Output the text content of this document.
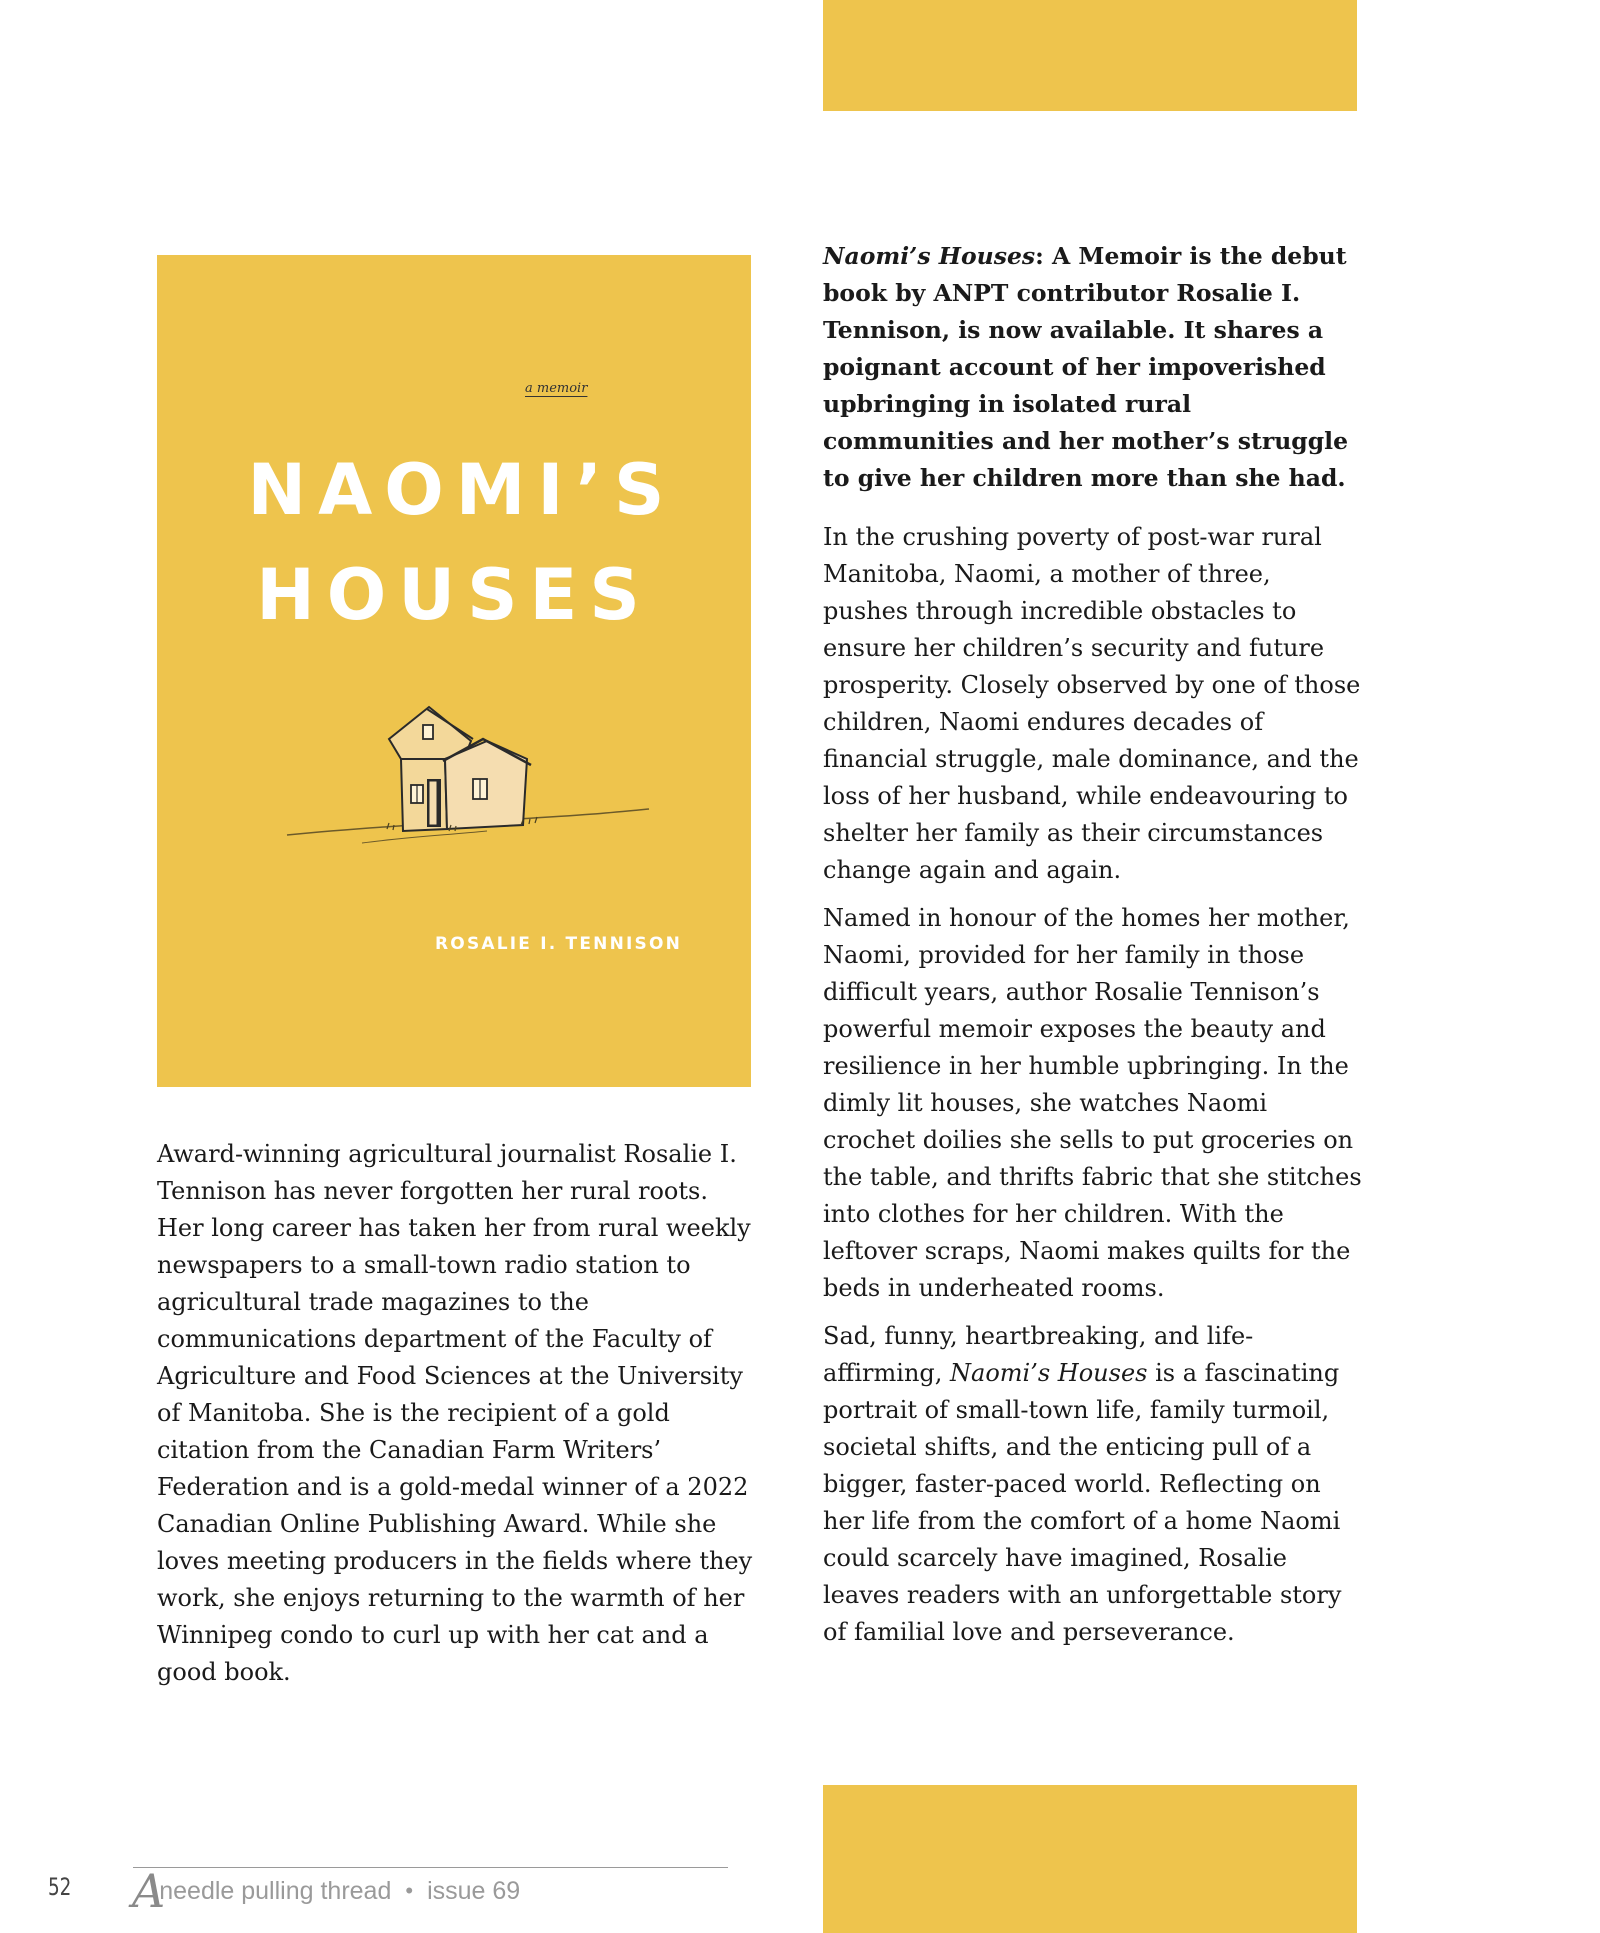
a memoir
NAOMI’S
HOUSES
ROSALIE I. TENNISON

Award-winning agricultural journalist Rosalie I. Tennison has never forgotten her rural roots. Her long career has taken her from rural weekly newspapers to a small-town radio station to agricultural trade magazines to the communications department of the Faculty of Agriculture and Food Sciences at the University of Manitoba. She is the recipient of a gold citation from the Canadian Farm Writers’ Federation and is a gold-medal winner of a 2022 Canadian Online Publishing Award. While she loves meeting producers in the fields where they work, she enjoys returning to the warmth of her Winnipeg condo to curl up with her cat and a good book.

Naomi’s Houses: A Memoir is the debut book by ANPT contributor Rosalie I. Tennison, is now available. It shares a poignant account of her impoverished upbringing in isolated rural communities and her mother’s struggle to give her children more than she had.

In the crushing poverty of post-war rural Manitoba, Naomi, a mother of three, pushes through incredible obstacles to ensure her children’s security and future prosperity. Closely observed by one of those children, Naomi endures decades of financial struggle, male dominance, and the loss of her husband, while endeavouring to shelter her family as their circumstances change again and again.

Named in honour of the homes her mother, Naomi, provided for her family in those difficult years, author Rosalie Tennison’s powerful memoir exposes the beauty and resilience in her humble upbringing. In the dimly lit houses, she watches Naomi crochet doilies she sells to put groceries on the table, and thrifts fabric that she stitches into clothes for her children. With the leftover scraps, Naomi makes quilts for the beds in underheated rooms.

Sad, funny, heartbreaking, and life-affirming, Naomi’s Houses is a fascinating portrait of small-town life, family turmoil, societal shifts, and the enticing pull of a bigger, faster-paced world. Reflecting on her life from the comfort of a home Naomi could scarcely have imagined, Rosalie leaves readers with an unforgettable story of familial love and perseverance.

52 A
needle pulling thread • issue 69
